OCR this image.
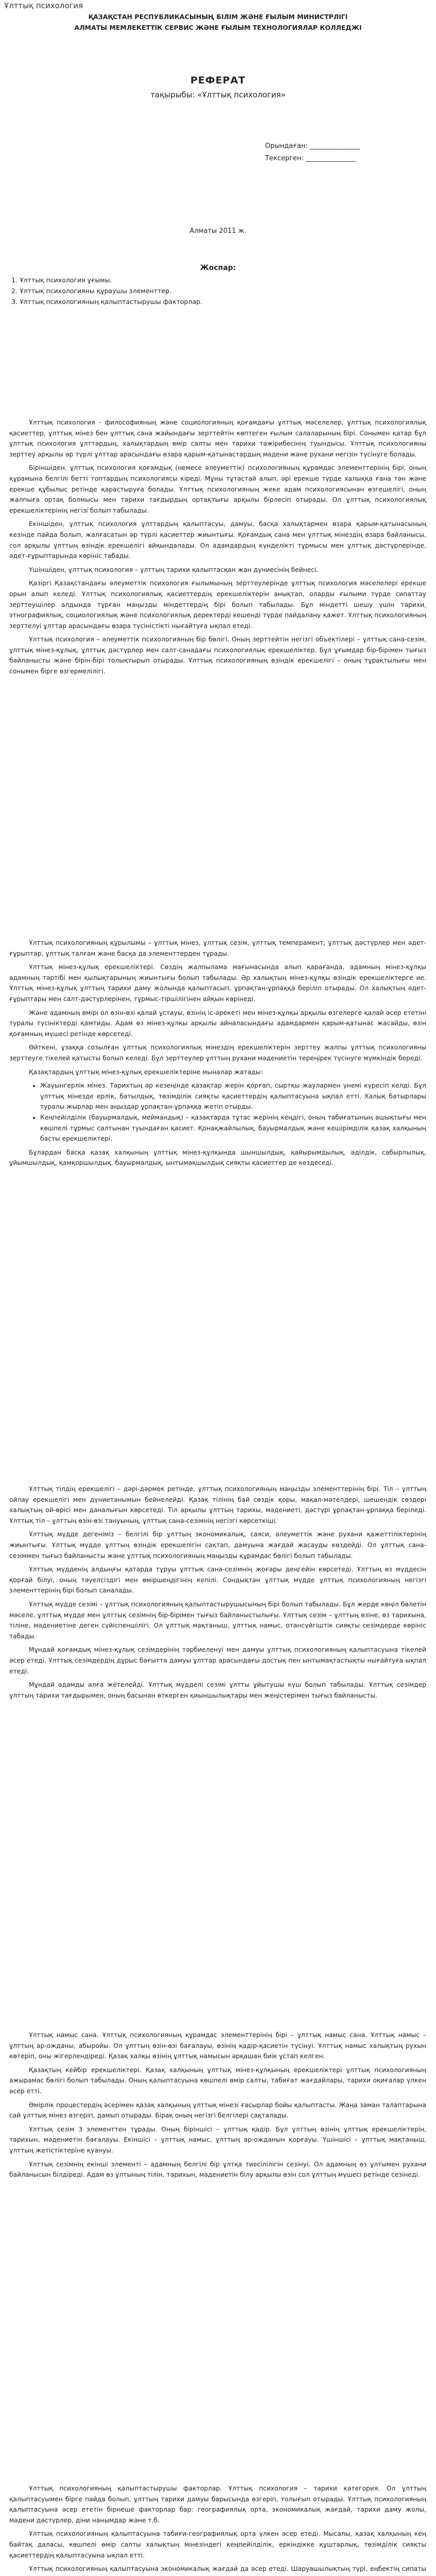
Ұлттық психология
ҚАЗАҚСТАН РЕСПУБЛИКАСЫНЫҢ БІЛІМ ЖӘНЕ ҒЫЛЫМ МИНИСТРЛІГІ
АЛМАТЫ МЕМЛЕКЕТТІК СЕРВИС ЖӘНЕ ҒЫЛЫМ ТЕХНОЛОГИЯЛАР КОЛЛЕДЖІ
РЕФЕРАТ
тақырыбы: «Ұлттық психология»
Орындаған: _______________
Тексерген: _______________
Алматы 2011 ж.
Жоспар:
1. Ұлттық психология ұғымы.
2. Ұлттық психологияны құраушы элементтер.
3. Ұлттық психологияның қалыптастырушы факторлар.

Ұлттық психология - философияның және социологияның қоғамдағы ұлттық мәселелер, ұлттық психологиялық қасиеттер, ұлттық мінез бен ұлттық сана жайындағы зерттейтін көптеген ғылым салаларының бірі. Сонымен қатар бұл ұлттық психология ұлттардың, халықтардың өмір салты мен тарихи тәжірибесінің туындысы. Ұлттық психологияны зерттеу арқылы әр түрлі ұлттар арасындағы өзара қарым-қатынастардың мәдени және рухани негізін түсінуге болады.

Біріншіден, ұлттық психология қоғамдық (немесе әлеуметтік) психологияның құрамдас элементтерінің бірі, оның құрамына белгілі бетті топтардың психологиясы кіреді. Мұны тұтастай алып, әрі ерекше түрде халыққа ғана тән және ерекше құбылыс ретінде қарастыруға болады. Ұлттық психологияның жеке адам психологиясынан өзгешелігі, оның жалпыға ортақ болмысы мен тарихи тағдырдың ортақтығы арқылы бірлесіп отырады. Ол ұлттық психологиялық ерекшеліктерінің негізі болып табылады.

Екіншіден, ұлттық психология ұлттардың қалыптасуы, дамуы, басқа халықтармен өзара қарым-қатынасының кезінде пайда болып, жалғасатын әр түрлі қасиеттер жиынтығы. Қоғамдық сана мен ұлттық мінездің өзара байланысы, сол арқылы ұлттың өзіндік ерекшелігі айқындалады. Ол адамдардың күнделікті тұрмысы мен ұлттық дәстүрлерінде, әдет-ғұрыптарында көрініс табады.

Үшіншіден, ұлттық психология – ұлттың тарихи қалыптасқан жан дүниесінің бейнесі.

Қазіргі Қазақстандағы әлеуметтік психология ғылымының зерттеулерінде ұлттық психология мәселелері ерекше орын алып келеді. Ұлттық психологиялық қасиеттердің ерекшеліктерін анықтап, оларды ғылыми түрде сипаттау зерттеушілер алдында тұрған маңызды міндеттердің бірі болып табылады. Бұл міндетті шешу үшін тарихи, этнографиялық, социологиялық және психологиялық деректерді кешенді түрде пайдалану қажет. Ұлттық психологияның зерттелуі ұлттар арасындағы өзара түсіністікті нығайтуға ықпал етеді.

Ұлттық психология – әлеуметтік психологияның бір бөлігі. Оның зерттейтін негізгі объектілері – ұлттық сана-сезім, ұлттық мінез-құлық, ұлттық дәстүрлер мен салт-санадағы психологиялық ерекшеліктер. Бұл ұғымдар бір-бірімен тығыз байланысты және бірін-бірі толықтырып отырады. Ұлттық психологияның өзіндік ерекшелігі – оның тұрақтылығы мен сонымен бірге өзгермелілігі.

Ұлттық психологияның құрылымы – ұлттық мінез, ұлттық сезім, ұлттық темперамент, ұлттық дәстүрлер мен әдет-ғұрыптар, ұлттық талғам және басқа да элементтерден тұрады.

Ұлттық мінез-құлық ерекшеліктері. Сөздің жалпылама мағынасында алып қарағанда, адамның мінез-құлқы адамның тәртібі мен қылықтарының жиынтығы болып табылады. Әр халықтың мінез-құлқы өзіндік ерекшеліктерге ие. Ұлттық мінез-құлық ұлттың тарихи даму жолында қалыптасып, ұрпақтан-ұрпаққа беріліп отырады. Ол халықтың әдет-ғұрыптары мен салт-дәстүрлерінен, тұрмыс-тіршілігінен айқын көрінеді.

Және адамның өмірі ол өзін-өзі қалай ұстауы, өзінің іс-әрекеті мен мінез-құлқы арқылы өзгелерге қалай әсер ететіні туралы түсініктерді қамтиды. Адам өз мінез-құлқы арқылы айналасындағы адамдармен қарым-қатынас жасайды, өзін қоғамның мүшесі ретінде көрсетеді.

Өйткені, ұзаққа созылған ұлттық психологиялық мінездің ерекшеліктерін зерттеу жалпы ұлттық психологияны зерттеуге тікелей қатысты болып келеді. Бұл зерттеулер ұлттың рухани мәдениетін тереңірек түсінуге мүмкіндік береді.

Қазақтардың ұлттық мінез-құлық ерекшеліктеріне мыналар жатады:

• Жауынгерлік мінез. Тарихтың әр кезеңінде қазақтар жерін қорғап, сыртқы жаулармен үнемі күресіп келді. Бұл ұлттық мінезде ерлік, батылдық, төзімділік сияқты қасиеттердің қалыптасуына ықпал етті. Халық батырлары туралы жырлар мен аңыздар ұрпақтан-ұрпаққа жетіп отырды.
• Кеңпейілділік (бауырмалдық, меймандық) – қазақтарда тұтас жерінің кеңдігі, оның табиғатының ашықтығы мен көшпелі тұрмыс салтынан туындаған қасиет. Қонақжайлылық, бауырмалдық және кешірімділік қазақ халқының басты ерекшеліктері.

Бұлардан басқа қазақ халқының ұлттық мінез-құлқында шыншылдық, қайырымдылық, әділдік, сабырлылық, ұйымшылдық, қамқоршылдық, бауырмалдық, ынтымақшылдық сияқты қасиеттер де кездеседі.

Ұлттық тілдің ерекшелігі – дәрі-дәрмек ретінде, ұлттық психологияның маңызды элементтерінің бірі. Тіл – ұлттың ойлау ерекшелігі мен дүниетанымын бейнелейді. Қазақ тілінің бай сөздік қоры, мақал-мәтелдері, шешендік сөздері халықтың ой-өрісі мен даналығын көрсетеді. Тіл арқылы ұлттың тарихы, мәдениеті, дәстүрі ұрпақтан-ұрпаққа беріледі. Ұлттық тіл – ұлттың өзін-өзі тануының, ұлттық сана-сезімнің негізгі көрсеткіші.

Ұлттық мүдде дегеніміз – белгілі бір ұлттың экономикалық, саяси, әлеуметтік және рухани қажеттіліктерінің жиынтығы. Ұлттық мүдде ұлттың өзіндік ерекшелігін сақтап, дамуына жағдай жасауды көздейді. Ол ұлттық сана-сезіммен тығыз байланысты және ұлттық психологияның маңызды құрамдас бөлігі болып табылады.

Ұлттық мүдденің алдыңғы қатарда тұруы ұлттық сана-сезімнің жоғары деңгейін көрсетеді. Ұлттың өз мүддесін қорғай білуі, оның тәуелсіздігі мен өміршеңдігінің кепілі. Сондықтан ұлттық мүдде ұлттық психологияның негізгі элементтерінің бірі болып саналады.

Ұлттық мүдде сезімі – ұлттық психологияның қалыптастырушысының бірі болып табылады. Бұл жерде көңіл бөлетін мәселе, ұлттық мүдде мен ұлттық сезімнің бір-бірімен тығыз байланыстылығы. Ұлттық сезім – ұлттың өзіне, өз тарихына, тіліне, мәдениетіне деген сүйіспеншілігі. Ол ұлттық мақтаныш, ұлттық намыс, отансүйгіштік сияқты сезімдерде көрініс табады.

Мұндай қоғамдық мінез-құлық сезімдерінің тәрбиеленуі мен дамуы ұлттық психологияның қалыптасуына тікелей әсер етеді. Ұлттық сезімдердің дұрыс бағытта дамуы ұлттар арасындағы достық пен ынтымақтастықты нығайтуға ықпал етеді.

Мұндай адамды алға жетелейді. Ұлттық мүдделі сезімі ұлтты ұйытушы күш болып табылады. Ұлттық сезімдер ұлттың тарихи тағдырымен, оның басынан өткерген қиыншылықтары мен жеңістерімен тығыз байланысты.

Ұлттық намыс сана. Ұлттық психологияның құрамдас элементтерінің бірі – ұлттық намыс сана. Ұлттық намыс – ұлттың ар-ожданы, абыройы. Ол ұлттың өзін-өзі бағалауы, өзінің қадір-қасиетін түсінуі. Ұлттық намыс халықтың рухын көтеріп, оны жігерлендіреді. Қазақ халқы өзінің ұлттық намысын әрқашан биік ұстап келген.

Қазақтың кейбір ерекшеліктері. Қазақ халқының ұлттық мінез-құлқының ерекшеліктері ұлттық психологияның ажырамас бөлігі болып табылады. Оның қалыптасуына көшпелі өмір салты, табиғат жағдайлары, тарихи оқиғалар үлкен әсер етті.

Өмірлік процестердің әсерімен қазақ халқының ұлттық мінезі ғасырлар бойы қалыптасты. Жаңа заман талаптарына сай ұлттық мінез өзгеріп, дамып отырады. Бірақ оның негізгі белгілері сақталады.

Ұлттық сезім 3 элементтен тұрады. Оның біріншісі – ұлттық қадір. Бұл ұлттың өзінің ұлттық ерекшеліктерін, тарихын, мәдениетін бағалауы. Екіншісі – ұлттық намыс, ұлттың ар-ожданын қорғауы. Үшіншісі – ұлттық мақтаныш, ұлттың жетістіктеріне қуануы.

Ұлттық сезімнің екінші элементі – адамның белгілі бір ұлтқа тиесілілігін сезінуі. Ол адамның өз ұлтымен рухани байланысын білдіреді. Адам өз ұлтының тілін, тарихын, мәдениетін білу арқылы өзін сол ұлттың мүшесі ретінде сезінеді.

Ұлттық психологияның қалыптастырушы факторлар. Ұлттық психология – тарихи категория. Ол ұлттың қалыптасуымен бірге пайда болып, ұлттың тарихи дамуы барысында өзгеріп, толығып отырады. Ұлттық психологияның қалыптасуына әсер ететін бірнеше факторлар бар: географиялық орта, экономикалық жағдай, тарихи даму жолы, мәдени дәстүрлер, діни нанымдар және т.б.

Ұлттық психологияның қалыптасуына табиғи-географиялық орта үлкен әсер етеді. Мысалы, қазақ халқының кең байтақ даласы, көшпелі өмір салты халықтың мінезіндегі кеңпейілділік, еркіндікке құштарлық, төзімділік сияқты қасиеттердің қалыптасуына ықпал етті.

Ұлттық психологияның қалыптасуына экономикалық жағдай да әсер етеді. Шаруашылықтың түрі, еңбектің сипаты
